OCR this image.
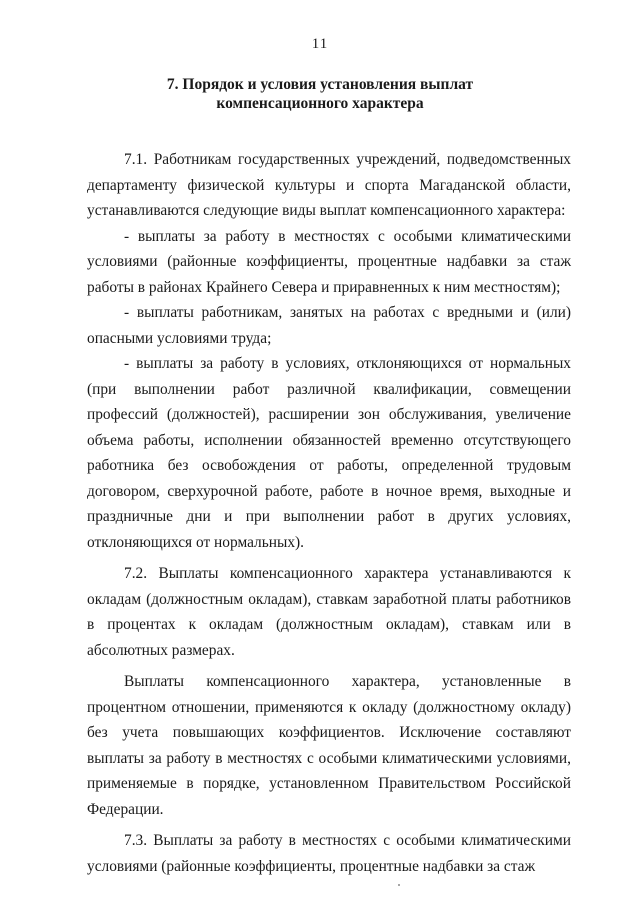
11
7. Порядок и условия установления выплат
компенсационного характера

7.1. Работникам государственных учреждений, подведомственных департаменту физической культуры и спорта Магаданской области, устанавливаются следующие виды выплат компенсационного характера:

- выплаты за работу в местностях с особыми климатическими условиями (районные коэффициенты, процентные надбавки за стаж работы в районах Крайнего Севера и приравненных к ним местностям);

- выплаты работникам, занятых на работах с вредными и (или) опасными условиями труда;

- выплаты за работу в условиях, отклоняющихся от нормальных (при выполнении работ различной квалификации, совмещении профессий (должностей), расширении зон обслуживания, увеличение объема работы, исполнении обязанностей временно отсутствующего работника без освобождения от работы, определенной трудовым договором, сверхурочной работе, работе в ночное время, выходные и праздничные дни и при выполнении работ в других условиях, отклоняющихся от нормальных).

7.2. Выплаты компенсационного характера устанавливаются к окладам (должностным окладам), ставкам заработной платы работников в процентах к окладам (должностным окладам), ставкам или в абсолютных размерах.

Выплаты компенсационного характера, установленные в процентном отношении, применяются к окладу (должностному окладу) без учета повышающих коэффициентов. Исключение составляют выплаты за работу в местностях с особыми климатическими условиями, применяемые в порядке, установленном Правительством Российской Федерации.

7.3. Выплаты за работу в местностях с особыми климатическими условиями (районные коэффициенты, процентные надбавки за стаж
